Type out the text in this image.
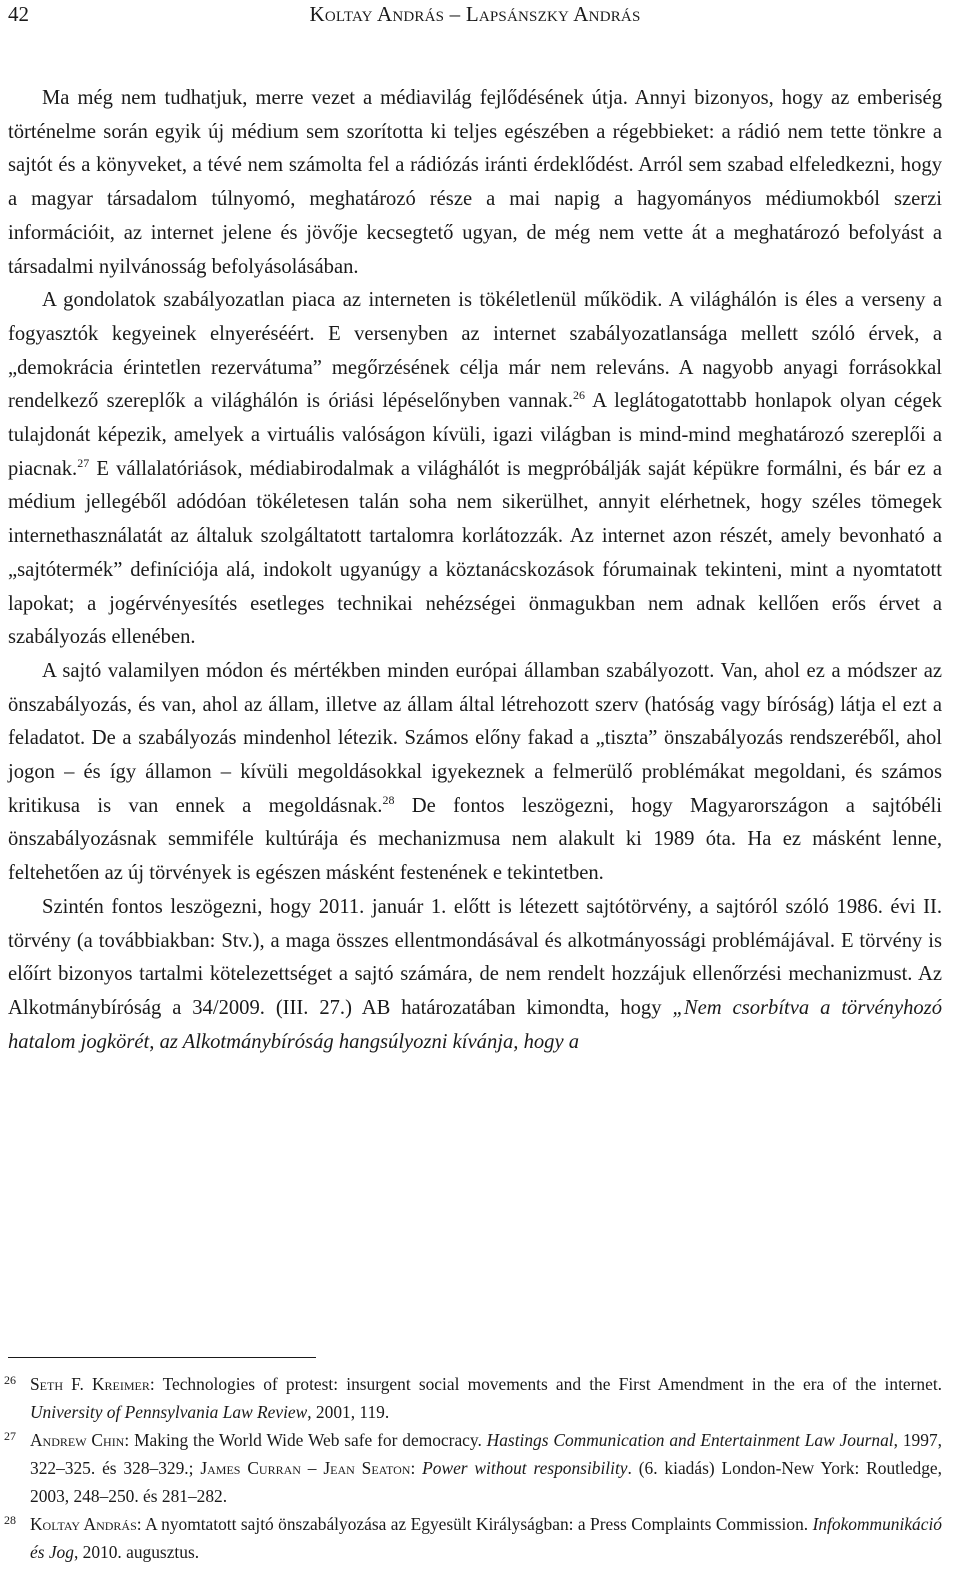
42	Koltay András – Lapsánszky András

Ma még nem tudhatjuk, merre vezet a médiavilág fejlődésének útja. Annyi bizonyos, hogy az emberiség történelme során egyik új médium sem szorította ki teljes egészében a régebbieket: a rádió nem tette tönkre a sajtót és a könyveket, a tévé nem számolta fel a rádiózás iránti érdeklődést. Arról sem szabad elfeledkezni, hogy a magyar társadalom túlnyomó, meghatározó része a mai napig a hagyományos médiumokból szerzi információit, az internet jelene és jövője kecsegtető ugyan, de még nem vette át a meghatározó befolyást a társadalmi nyilvánosság befolyásolásában.

A gondolatok szabályozatlan piaca az interneten is tökéletlenül működik. A világhálón is éles a verseny a fogyasztók kegyeinek elnyeréséért. E versenyben az internet szabályozatlansága mellett szóló érvek, a „demokrácia érintetlen rezervátuma” megőrzésének célja már nem releváns. A nagyobb anyagi forrásokkal rendelkező szereplők a világhálón is óriási lépéselőnyben vannak.$^{26}$ A leglátogatottabb honlapok olyan cégek tulajdonát képezik, amelyek a virtuális valóságon kívüli, igazi világban is mind-mind meghatározó szereplői a piacnak.$^{27}$ E vállalatóriások, médiabirodalmak a világhálót is megpróbálják saját képükre formálni, és bár ez a médium jellegéből adódóan tökéletesen talán soha nem sikerülhet, annyit elérhetnek, hogy széles tömegek internethasználatát az általuk szolgáltatott tartalomra korlátozzák. Az internet azon részét, amely bevonható a „sajtótermék” definíciója alá, indokolt ugyanúgy a köztanácskozások fórumainak tekinteni, mint a nyomtatott lapokat; a jogérvényesítés esetleges technikai nehézségei önmagukban nem adnak kellően erős érvet a szabályozás ellenében.

A sajtó valamilyen módon és mértékben minden európai államban szabályozott. Van, ahol ez a módszer az önszabályozás, és van, ahol az állam, illetve az állam által létrehozott szerv (hatóság vagy bíróság) látja el ezt a feladatot. De a szabályozás mindenhol létezik. Számos előny fakad a „tiszta” önszabályozás rendszeréből, ahol jogon – és így államon – kívüli megoldásokkal igyekeznek a felmerülő problémákat megoldani, és számos kritikusa is van ennek a megoldásnak.$^{28}$ De fontos leszögezni, hogy Magyarországon a sajtóbéli önszabályozásnak semmiféle kultúrája és mechanizmusa nem alakult ki 1989 óta. Ha ez másként lenne, feltehetően az új törvények is egészen másként festenének e tekintetben.

Szintén fontos leszögezni, hogy 2011. január 1. előtt is létezett sajtótörvény, a sajtóról szóló 1986. évi II. törvény (a továbbiakban: Stv.), a maga összes ellentmondásával és alkotmányossági problémájával. E törvény is előírt bizonyos tartalmi kötelezettséget a sajtó számára, de nem rendelt hozzájuk ellenőrzési mechanizmust. Az Alkotmánybíróság a 34/2009. (III. 27.) AB határozatában kimondta, hogy „Nem csorbítva a törvényhozó hatalom jogkörét, az Alkotmánybíróság hangsúlyozni kívánja, hogy a

26 Seth F. Kreimer: Technologies of protest: insurgent social movements and the First Amendment in the era of the internet. University of Pennsylvania Law Review, 2001, 119.
27 Andrew Chin: Making the World Wide Web safe for democracy. Hastings Communication and Entertainment Law Journal, 1997, 322–325. és 328–329.; James Curran – Jean Seaton: Power without responsibility. (6. kiadás) London-New York: Routledge, 2003, 248–250. és 281–282.
28 Koltay András: A nyomtatott sajtó önszabályozása az Egyesült Királyságban: a Press Complaints Commission. Infokommunikáció és Jog, 2010. augusztus.
